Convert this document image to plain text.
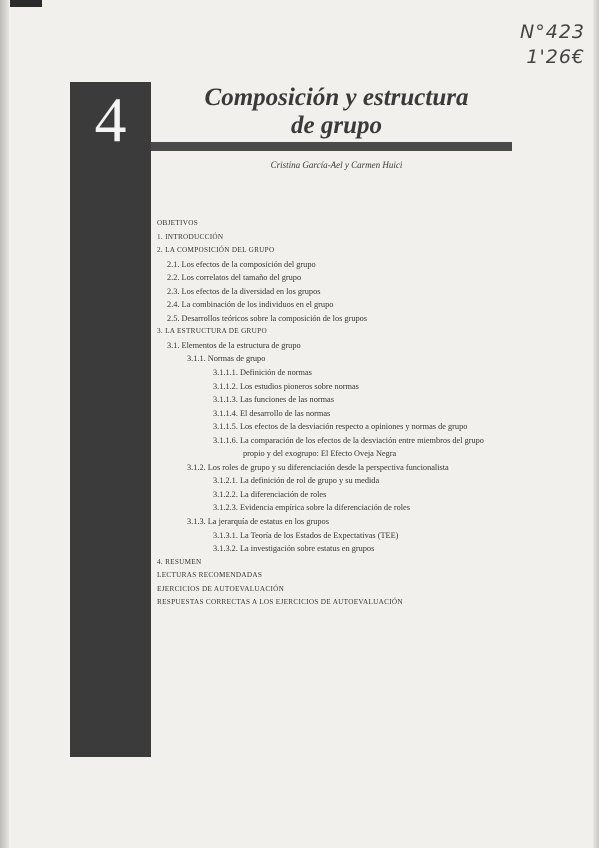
N°423
1'26€
4	Composición y estructura
de grupo
Cristina García-Ael y Carmen Huici
OBJETIVOS
1. INTRODUCCIÓN
2. LA COMPOSICIÓN DEL GRUPO
2.1. Los efectos de la composición del grupo
2.2. Los correlatos del tamaño del grupo
2.3. Los efectos de la diversidad en los grupos
2.4. La combinación de los individuos en el grupo
2.5. Desarrollos teóricos sobre la composición de los grupos
3. LA ESTRUCTURA DE GRUPO
3.1. Elementos de la estructura de grupo
3.1.1. Normas de grupo
3.1.1.1. Definición de normas
3.1.1.2. Los estudios pioneros sobre normas
3.1.1.3. Las funciones de las normas
3.1.1.4. El desarrollo de las normas
3.1.1.5. Los efectos de la desviación respecto a opiniones y normas de grupo
3.1.1.6. La comparación de los efectos de la desviación entre miembros del grupo
propio y del exogrupo: El Efecto Oveja Negra
3.1.2. Los roles de grupo y su diferenciación desde la perspectiva funcionalista
3.1.2.1. La definición de rol de grupo y su medida
3.1.2.2. La diferenciación de roles
3.1.2.3. Evidencia empírica sobre la diferenciación de roles
3.1.3. La jerarquía de estatus en los grupos
3.1.3.1. La Teoría de los Estados de Expectativas (TEE)
3.1.3.2. La investigación sobre estatus en grupos
4. RESUMEN
LECTURAS RECOMENDADAS
EJERCICIOS DE AUTOEVALUACIÓN
RESPUESTAS CORRECTAS A LOS EJERCICIOS DE AUTOEVALUACIÓN
